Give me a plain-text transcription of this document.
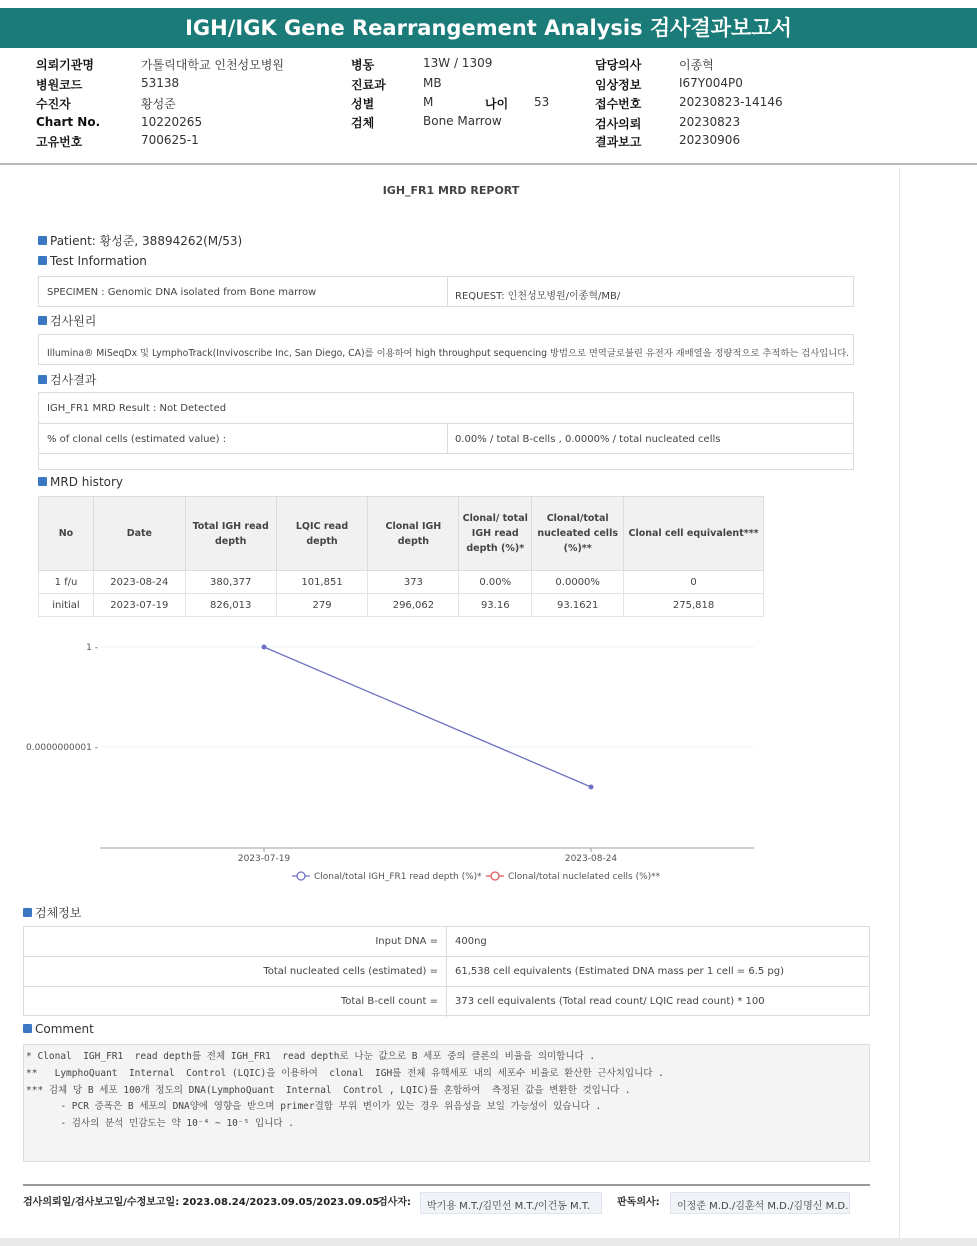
IGH/IGK Gene Rearrangement Analysis 검사결과보고서
의뢰기관명	가톨릭대학교 인천성모병원
병원코드	53138
수진자	황성준
Chart No.	10220265
고유번호	700625-1
병동	13W / 1309
진료과	MB
성별	M	나이 53
검체	Bone Marrow
담당의사	이종혁
임상정보	I67Y004P0
접수번호	20230823-14146
검사의뢰	20230823
결과보고	20230906
IGH_FR1 MRD REPORT
Patient: 황성준, 38894262(M/53)
Test Information
SPECIMEN : Genomic DNA isolated from Bone marrow	REQUEST: 인천성모병원/이종혁/MB/
검사원리
Illumina® MiSeqDx 및 LymphoTrack(Invivoscribe Inc, San Diego, CA)를 이용하여 high throughput sequencing 방법으로 면역글로불린 유전자 재배열을 정량적으로 추적하는 검사입니다.
검사결과
IGH_FR1 MRD Result : Not Detected
% of clonal cells (estimated value) :	0.00% / total B-cells , 0.0000% / total nucleated cells
MRD history
No	Date	Total IGH read depth	LQIC read depth	Clonal IGH depth	Clonal/ total IGH read depth (%)*	Clonal/total nucleated cells (%)**	Clonal cell equivalent***
1 f/u	2023-08-24	380,377	101,851	373	0.00%	0.0000%	0
initial	2023-07-19	826,013	279	296,062	93.16	93.1621	275,818
1 -
0.0000000001 -
2023-07-19	2023-08-24
Clonal/total IGH_FR1 read depth (%)*	Clonal/total nuclelated cells (%)**
검체정보
Input DNA = 400ng
Total nucleated cells (estimated) = 61,538 cell equivalents (Estimated DNA mass per 1 cell = 6.5 pg)
Total B-cell count = 373 cell equivalents (Total read count/ LQIC read count) * 100
Comment
* Clonal  IGH_FR1  read depth를 전체 IGH_FR1  read depth로 나눈 값으로 B 세포 중의 클론의 비율을 의미합니다 .
**   LymphoQuant  Internal  Control (LQIC)을 이용하여  clonal  IGH를 전체 유핵세포 내의 세포수 비율로 환산한 근사치입니다 .
*** 검체 당 B 세포 100개 정도의 DNA(LymphoQuant  Internal  Control , LQIC)를 혼합하여  측정된 값을 변환한 것입니다 .
- PCR 증폭은 B 세포의 DNA양에 영향을 받으며 primer결합 부위 변이가 있는 경우 위음성을 보일 가능성이 있습니다 .
- 검사의 분석 민감도는 약 10⁻⁴ ~ 10⁻⁵ 입니다 .
검사의뢰일/검사보고일/수정보고일: 2023.08.24/2023.09.05/2023.09.05
검사자:	박기용 M.T./김민선 M.T./이건동 M.T.	판독의사:	이정준 M.D./김훈석 M.D./김명신 M.D.
